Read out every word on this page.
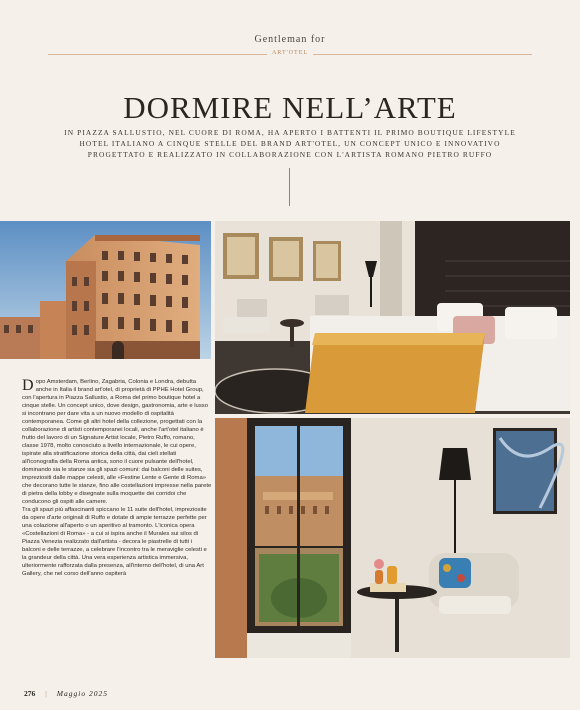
Gentleman for
ART'OTEL
DORMIRE NELL’ARTE
IN PIAZZA SALLUSTIO, NEL CUORE DI ROMA, HA APERTO I BATTENTI IL PRIMO BOUTIQUE LIFESTYLE HOTEL ITALIANO A CINQUE STELLE DEL BRAND ART'OTEL, UN CONCEPT UNICO E INNOVATIVO PROGETTATO E REALIZZATO IN COLLABORAZIONE CON L'ARTISTA ROMANO PIETRO RUFFO

Dopo Amsterdam, Berlino, Zagabria, Colonia e Londra, debutta anche in Italia il brand art'otel, di proprietà di PPHE Hotel Group, con l'apertura in Piazza Sallustio, a Roma del primo boutique hotel a cinque stelle. Un concept unico, dove design, gastronomia, arte e lusso si incontrano per dare vita a un nuovo modello di ospitalità contemporanea. Come gli altri hotel della collezione, progettati con la collaborazione di artisti contemporanei locali, anche l'art'otel italiano è frutto del lavoro di un Signature Artist locale, Pietro Ruffo, romano, classe 1978, molto conosciuto a livello internazionale, le cui opere, ispirate alla stratificazione storica della città, dai cieli stellati all'iconografia della Roma antica, sono il cuore pulsante dell'hotel, dominando sia le stanze sia gli spazi comuni: dai balconi delle suites, impreziositi dalle mappe celesti, alle «Festine Lente e Gente di Roma» che decorano tutte le stanze, fino alle costellazioni impresse nella parete di pietra della lobby e disegnate sulla moquette dei corridoi che conducono gli ospiti alle camere.
Tra gli spazi più affascinanti spiccano le 11 suite dell'hotel, impreziosite da opere d'arte originali di Ruffo e dotate di ampie terrazze perfette per una colazione all'aperto o un aperitivo al tramonto. L'iconica opera «Costellazioni di Roma» - a cui si ispira anche il Murales sui silos di Piazza Venezia realizzato dall'artista - decora le piastrelle di tutti i balconi e delle terrazze, a celebrare l'incontro tra le meraviglie celesti e la grandeur della città. Una vera esperienza artistica immersiva, ulteriormente rafforzata dalla presenza, all'interno dell'hotel, di una Art Gallery, che nel corso dell'anno ospiterà

276 | Maggio 2025
